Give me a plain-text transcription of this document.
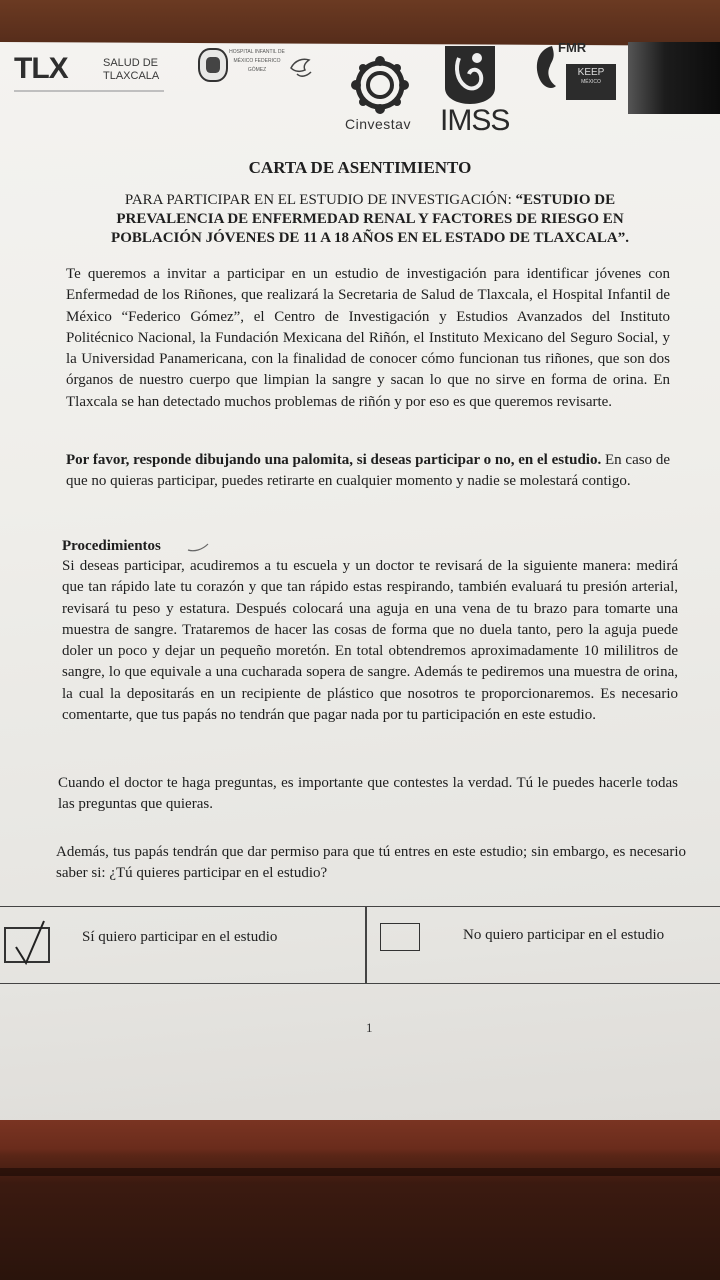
TLX	SALUD DE TLAXCALA
HOSPITAL INFANTIL DE MÉXICO FEDERICO GÓMEZ
Cinvestav IMSS
FMR
KEEP
MÉXICO
CARTA DE ASENTIMIENTO
PARA PARTICIPAR EN EL ESTUDIO DE INVESTIGACIÓN: “ESTUDIO DE PREVALENCIA DE ENFERMEDAD RENAL Y FACTORES DE RIESGO EN POBLACIÓN JÓVENES DE 11 A 18 AÑOS EN EL ESTADO DE TLAXCALA”.
Te queremos a invitar a participar en un estudio de investigación para identificar jóvenes con Enfermedad de los Riñones, que realizará la Secretaria de Salud de Tlaxcala, el Hospital Infantil de México “Federico Gómez”, el Centro de Investigación y Estudios Avanzados del Instituto Politécnico Nacional, la Fundación Mexicana del Riñón, el Instituto Mexicano del Seguro Social, y la Universidad Panamericana, con la finalidad de conocer cómo funcionan tus riñones, que son dos órganos de nuestro cuerpo que limpian la sangre y sacan lo que no sirve en forma de orina. En Tlaxcala se han detectado muchos problemas de riñón y por eso es que queremos revisarte.
Por favor, responde dibujando una palomita, si deseas participar o no, en el estudio. En caso de que no quieras participar, puedes retirarte en cualquier momento y nadie se molestará contigo.
Procedimientos
Si deseas participar, acudiremos a tu escuela y un doctor te revisará de la siguiente manera: medirá que tan rápido late tu corazón y que tan rápido estas respirando, también evaluará tu presión arterial, revisará tu peso y estatura. Después colocará una aguja en una vena de tu brazo para tomarte una muestra de sangre. Trataremos de hacer las cosas de forma que no duela tanto, pero la aguja puede doler un poco y dejar un pequeño moretón. En total obtendremos aproximadamente 10 mililitros de sangre, lo que equivale a una cucharada sopera de sangre. Además te pediremos una muestra de orina, la cual la depositarás en un recipiente de plástico que nosotros te proporcionaremos. Es necesario comentarte, que tus papás no tendrán que pagar nada por tu participación en este estudio.
Cuando el doctor te haga preguntas, es importante que contestes la verdad. Tú le puedes hacerle todas las preguntas que quieras.
Además, tus papás tendrán que dar permiso para que tú entres en este estudio; sin embargo, es necesario saber si: ¿Tú quieres participar en el estudio?
Sí quiero participar en el estudio	No quiero participar en el estudio
1
